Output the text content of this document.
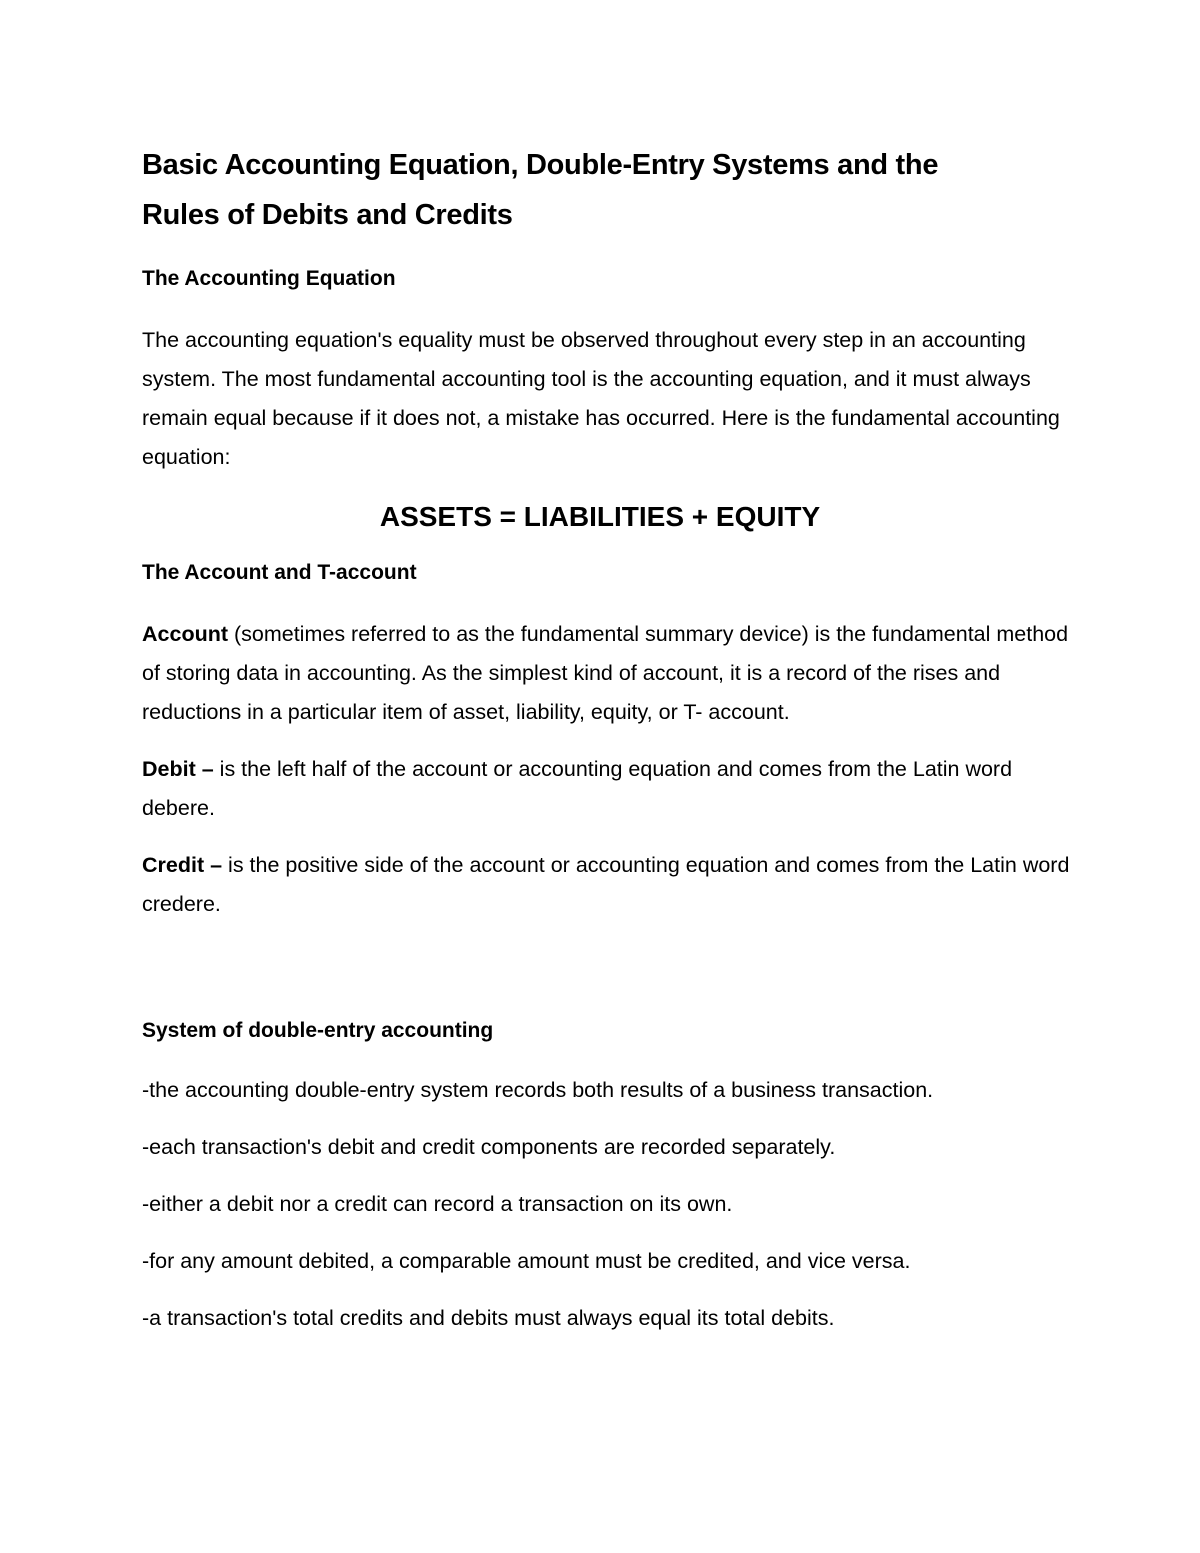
Basic Accounting Equation, Double-Entry Systems and the
Rules of Debits and Credits
The Accounting Equation

The accounting equation's equality must be observed throughout every step in an accounting system. The most fundamental accounting tool is the accounting equation, and it must always remain equal because if it does not, a mistake has occurred. Here is the fundamental accounting equation:

ASSETS = LIABILITIES + EQUITY

The Account and T-account

Account (sometimes referred to as the fundamental summary device) is the fundamental method of storing data in accounting. As the simplest kind of account, it is a record of the rises and reductions in a particular item of asset, liability, equity, or T- account.

Debit – is the left half of the account or accounting equation and comes from the Latin word debere.

Credit – is the positive side of the account or accounting equation and comes from the Latin word credere.

System of double-entry accounting

-the accounting double-entry system records both results of a business transaction.

-each transaction's debit and credit components are recorded separately.

-either a debit nor a credit can record a transaction on its own.

-for any amount debited, a comparable amount must be credited, and vice versa.

-a transaction's total credits and debits must always equal its total debits.
